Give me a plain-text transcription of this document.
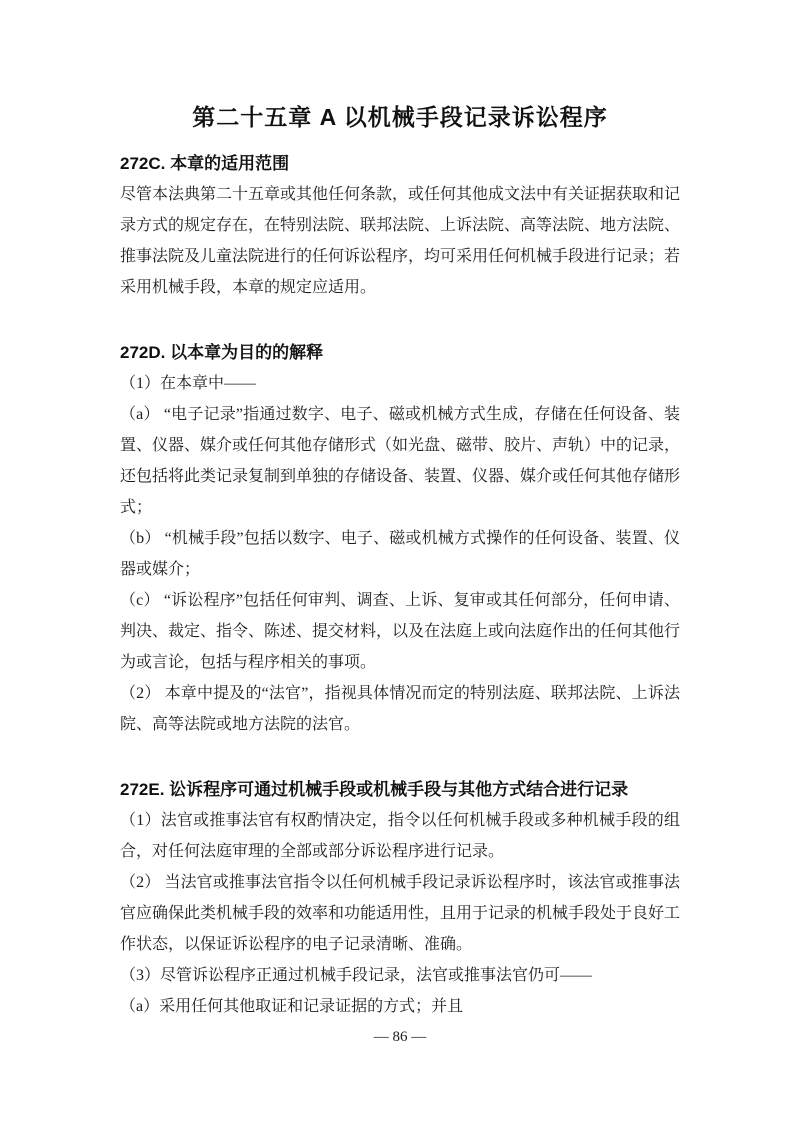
第二十五章 A 以机械手段记录诉讼程序
272C. 本章的适用范围

尽管本法典第二十五章或其他任何条款，或任何其他成文法中有关证据获取和记录方式的规定存在，在特别法院、联邦法院、上诉法院、高等法院、地方法院、推事法院及儿童法院进行的任何诉讼程序，均可采用任何机械手段进行记录；若采用机械手段，本章的规定应适用。

272D. 以本章为目的的解释

（1）在本章中——

（a） “电子记录”指通过数字、电子、磁或机械方式生成，存储在任何设备、装置、仪器、媒介或任何其他存储形式（如光盘、磁带、胶片、声轨）中的记录，还包括将此类记录复制到单独的存储设备、装置、仪器、媒介或任何其他存储形式；

（b） “机械手段”包括以数字、电子、磁或机械方式操作的任何设备、装置、仪器或媒介；

（c） “诉讼程序”包括任何审判、调查、上诉、复审或其任何部分，任何申请、判决、裁定、指令、陈述、提交材料，以及在法庭上或向法庭作出的任何其他行为或言论，包括与程序相关的事项。

（2） 本章中提及的“法官”，指视具体情况而定的特别法庭、联邦法院、上诉法院、高等法院或地方法院的法官。

272E. 讼诉程序可通过机械手段或机械手段与其他方式结合进行记录

（1）法官或推事法官有权酌情决定，指令以任何机械手段或多种机械手段的组合，对任何法庭审理的全部或部分诉讼程序进行记录。

（2） 当法官或推事法官指令以任何机械手段记录诉讼程序时，该法官或推事法官应确保此类机械手段的效率和功能适用性，且用于记录的机械手段处于良好工作状态，以保证诉讼程序的电子记录清晰、准确。

（3）尽管诉讼程序正通过机械手段记录，法官或推事法官仍可——

（a）采用任何其他取证和记录证据的方式；并且

— 86 —
